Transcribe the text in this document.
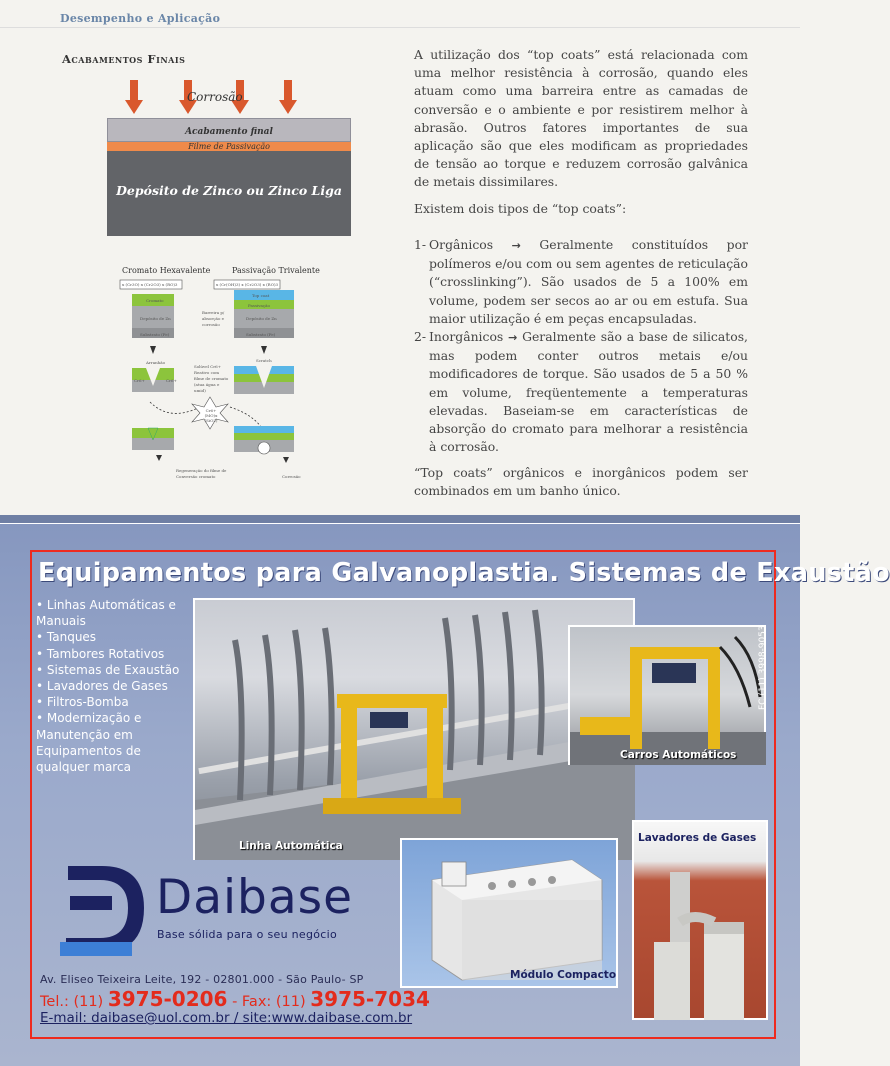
Desempenho e Aplicação
Acabamentos Finais
Corrosão
Acabamento final
Filme de Passivação
Depósito de Zinco ou Zinco Liga
Cromato Hexavalente	Passivação Trivalente
x (Cr3O) x (Cr2O3) x (RO)3	x (Cr(OH)3) x (Cr2O3) x (RO)3
Cromato
Depósito de Zn
Substrato (Fe)
Top coat
Passivação
Depósito de Zn
Substrato (Fe)
Barreira p/ absorção e corrosão
Arranhão	Scratch
Cr6+	Cr6+
Solúvel Cr6+ Reativo com filme de cromato (atua água e umid)
Cr6+ (MO)x (SiO2)
Regeneração do filme de Conversão cromato	Corrosão
A utilização dos “top coats” está relacionada com uma melhor resistência à corrosão, quando eles atuam como uma barreira entre as camadas de conversão e o ambiente e por resistirem melhor à abrasão. Outros fatores importantes de sua aplicação são que eles modificam as propriedades de tensão ao torque e reduzem corrosão galvânica de metais dissimilares.
Existem dois tipos de “top coats”:
1- Orgânicos → Geralmente constituídos por polímeros e/ou com ou sem agentes de reticulação (“crosslinking”). São usados de 5 a 100% em volume, podem ser secos ao ar ou em estufa. Sua maior utilização é em peças encapsuladas.
2- Inorgânicos → Geralmente são a base de silicatos, mas podem conter outros metais e/ou modificadores de torque. São usados de 5 a 50 % em volume, freqüentemente a temperaturas elevadas. Baseiam-se em características de absorção do cromato para melhorar a resistência à corrosão.
“Top coats” orgânicos e inorgânicos podem ser combinados em um banho único.
Equipamentos para Galvanoplastia. Sistemas de Exaustão
• Linhas Automáticas e Manuais
• Tanques
• Tambores Rotativos
• Sistemas de Exaustão
• Lavadores de Gases
• Filtros-Bomba
• Modernização e Manutenção em Equipamentos de qualquer marca
Linha Automática
Carros Automáticos
FC (11) 3998-9053
Lavadores de Gases
Módulo Compacto
Daibase
Base sólida para o seu negócio
Av. Eliseo Teixeira Leite, 192 - 02801.000 - São Paulo- SP
Tel.: (11) 3975-0206 - Fax: (11) 3975-7034
E-mail: daibase@uol.com.br / site:www.daibase.com.br
